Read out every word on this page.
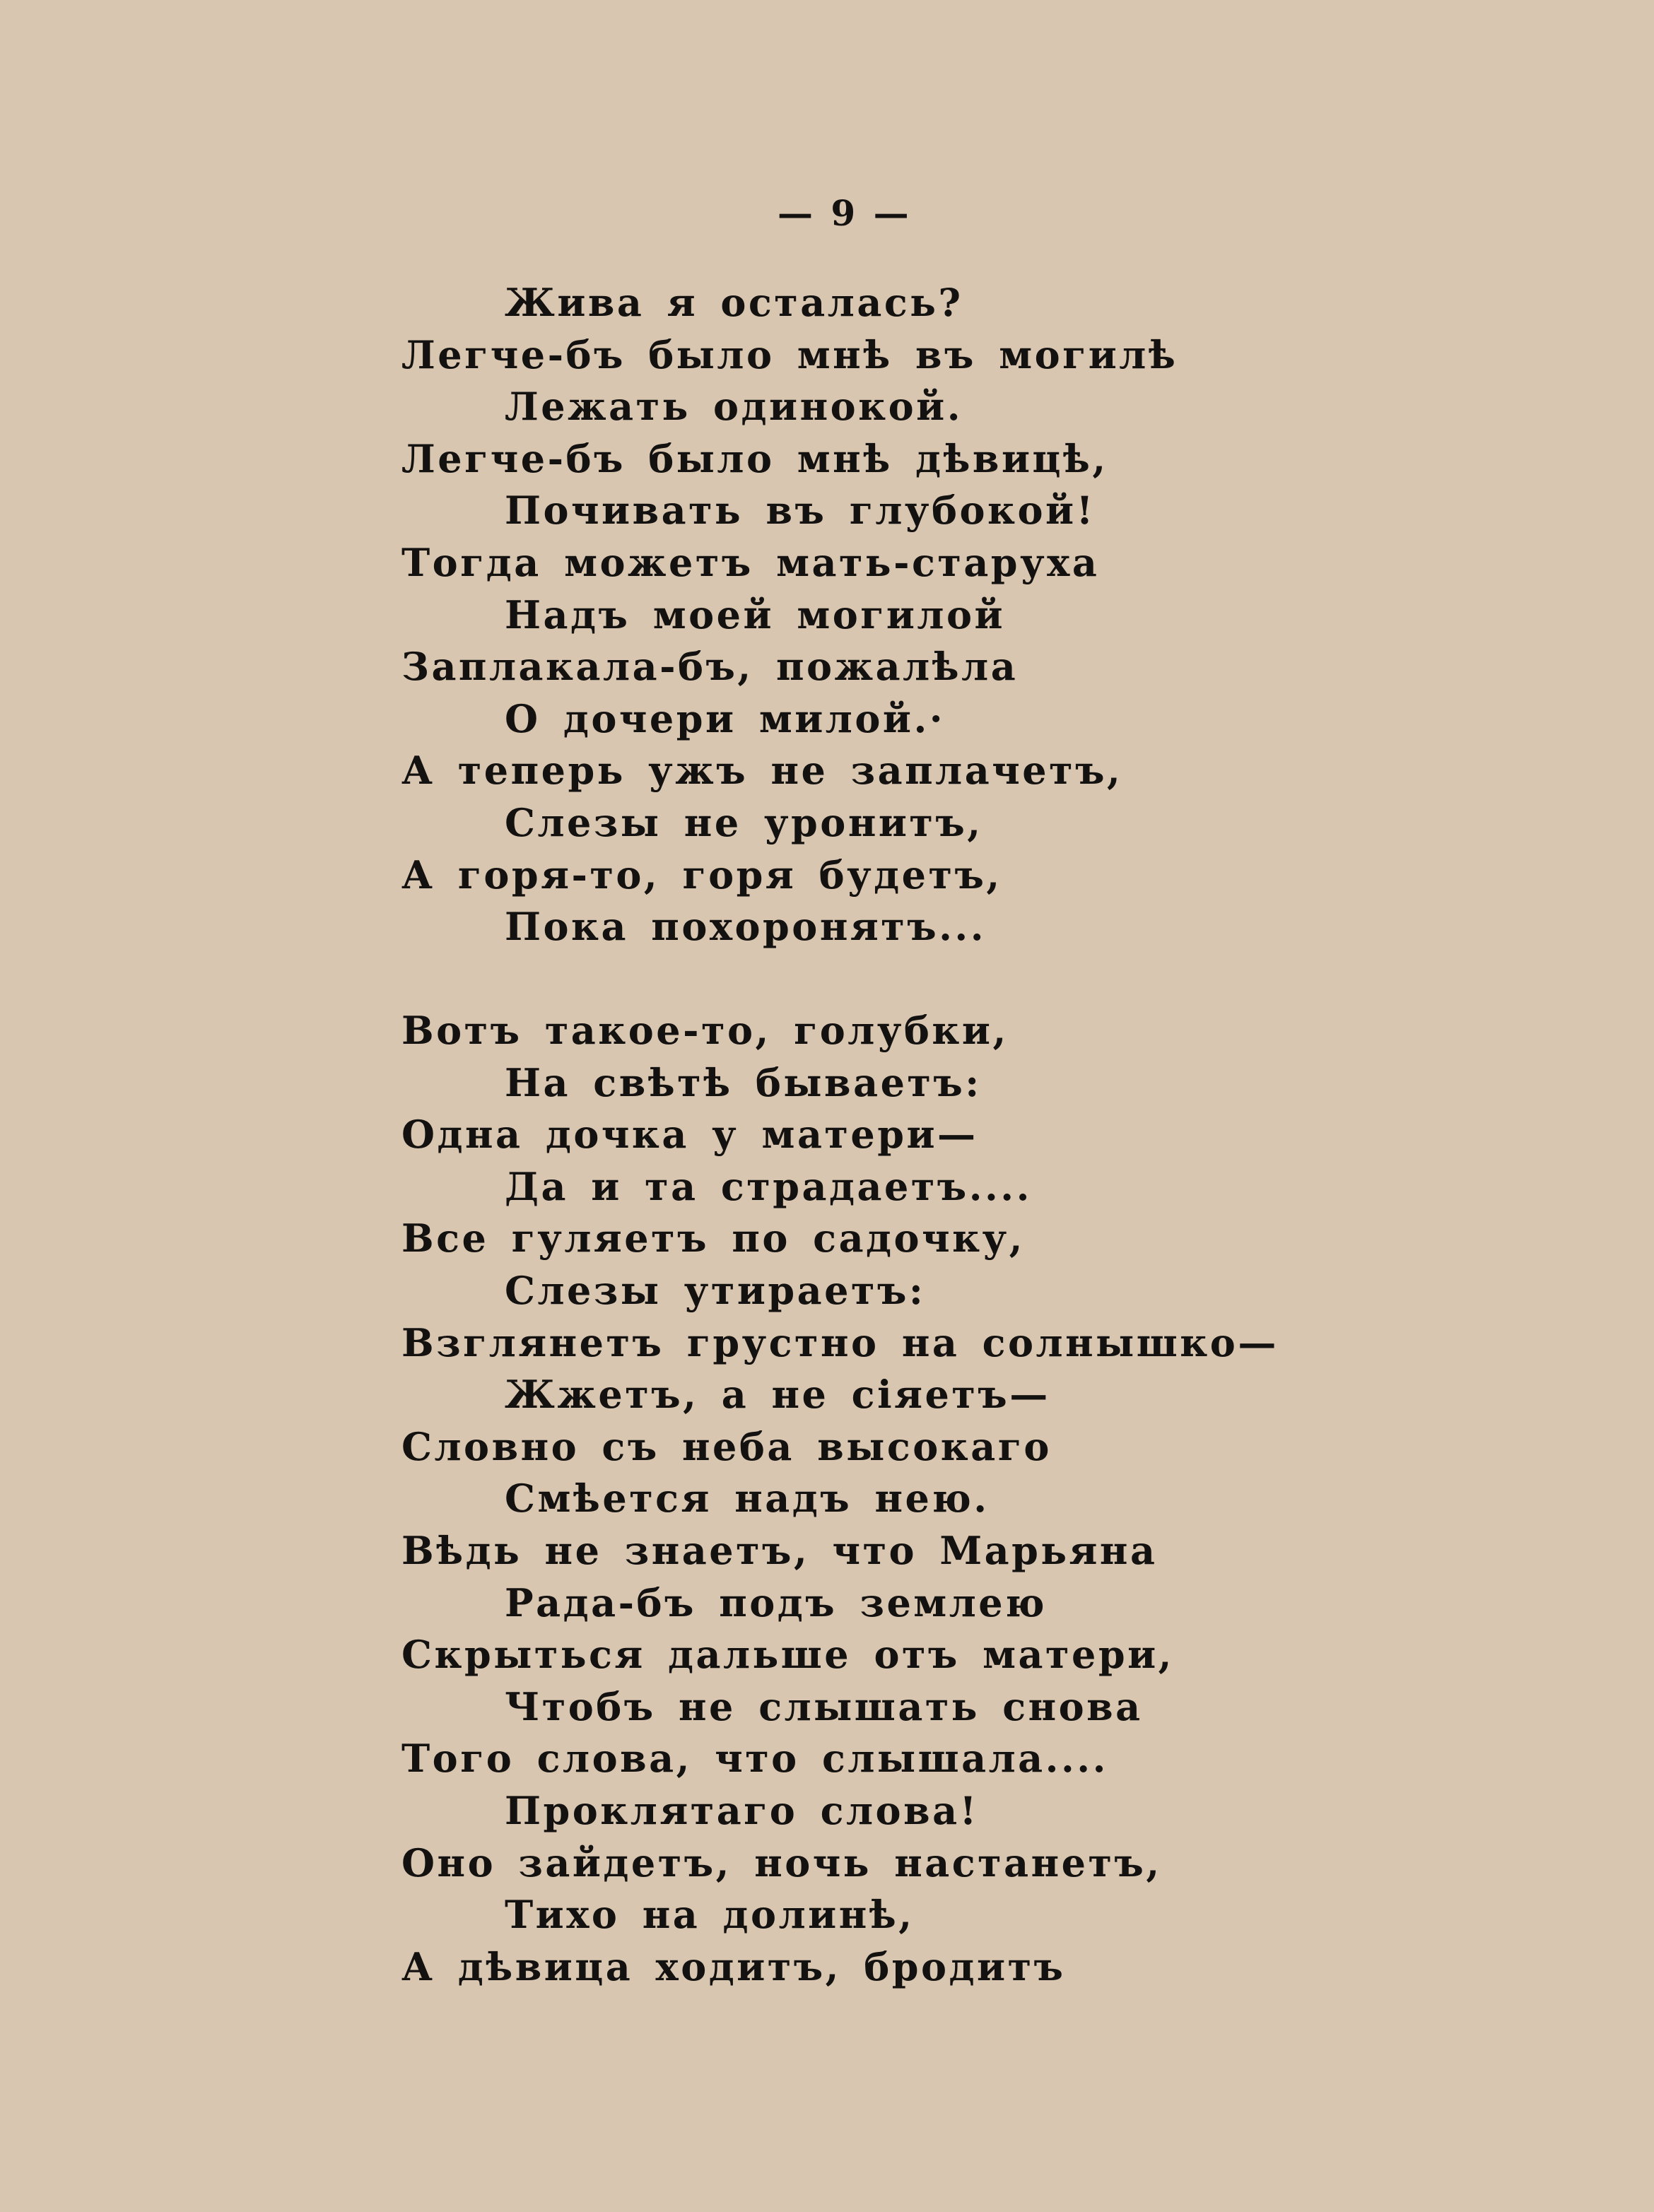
— 9 —
Жива я осталась?
Легче-бъ было мнѣ въ могилѣ
Лежать одинокой.
Легче-бъ было мнѣ дѣвицѣ,
Почивать въ глубокой!
Тогда можетъ мать-старуха
Надъ моей могилой
Заплакала-бъ, пожалѣла
О дочери милой.·
А теперь ужъ не заплачетъ,
Слезы не уронитъ,
А горя-то, горя будетъ,
Пока похоронятъ...
Вотъ такое-то, голубки,
На свѣтѣ бываетъ:
Одна дочка у матери—
Да и та страдаетъ....
Все гуляетъ по садочку,
Слезы утираетъ:
Взглянетъ грустно на солнышко—
Жжетъ, а не сіяетъ—
Словно съ неба высокаго
Смѣется надъ нею.
Вѣдь не знаетъ, что Марьяна
Рада-бъ подъ землею
Скрыться дальше отъ матери,
Чтобъ не слышать снова
Того слова, что слышала....
Проклятаго слова!
Оно зайдетъ, ночь настанетъ,
Тихо на долинѣ,
А дѣвица ходитъ, бродитъ
